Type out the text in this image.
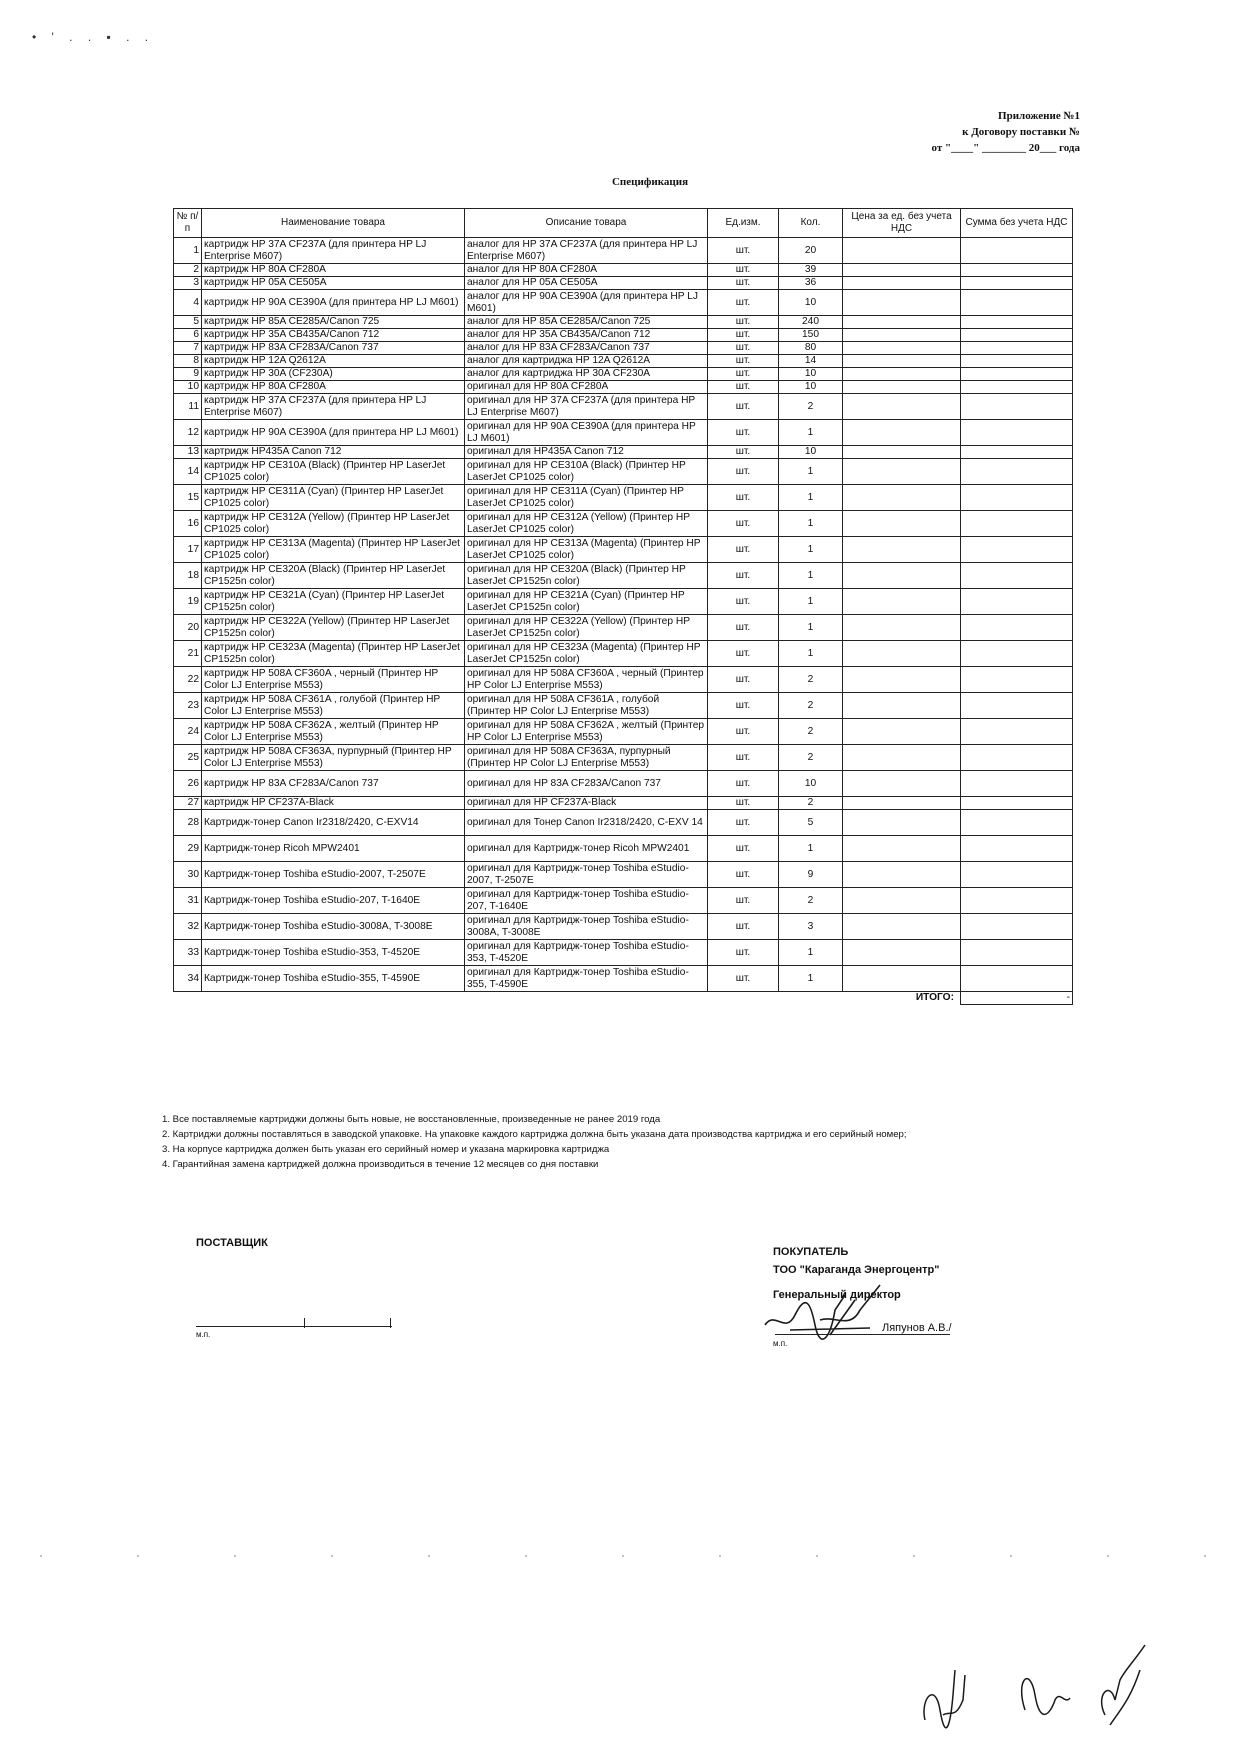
• ' . . ▪ . .
Приложение №1
к Договору поставки №
от "____" ________ 20___ года
Спецификация
№ п/п	Наименование товара	Описание товара	Ед.изм.	Кол.	Цена за ед. без учета НДС	Сумма без учета НДС
1	картридж HP 37A CF237A (для принтера HP LJ Enterprise M607)	аналог для HP 37A CF237A (для принтера HP LJ Enterprise M607)	шт.	20		
2	картридж HP 80A CF280A	аналог для HP 80A CF280A	шт.	39		
3	картридж HP 05A CE505A	аналог для HP 05A CE505A	шт.	36		
4	картридж HP 90A CE390A (для принтера HP LJ M601)	аналог для HP 90A CE390A (для принтера HP LJ M601)	шт.	10		
5	картридж HP 85A CE285A/Canon 725	аналог для HP 85A CE285A/Canon 725	шт.	240		
6	картридж HP 35A CB435A/Canon 712	аналог для HP 35A CB435A/Canon 712	шт.	150		
7	картридж HP 83A CF283A/Canon 737	аналог для HP 83A CF283A/Canon 737	шт.	80		
8	картридж HP 12A Q2612A	аналог для картриджа HP 12A Q2612A	шт.	14		
9	картридж HP 30A (CF230A)	аналог для картриджа HP 30A CF230A	шт.	10		
10	картридж HP 80A CF280A	оригинал для HP 80A CF280A	шт.	10		
11	картридж HP 37A CF237A (для принтера HP LJ Enterprise M607)	оригинал для HP 37A CF237A (для принтера HP LJ Enterprise M607)	шт.	2		
12	картридж HP 90A CE390A (для принтера HP LJ M601)	оригинал для HP 90A CE390A (для принтера HP LJ M601)	шт.	1		
13	картридж HP435A Canon 712	оригинал для HP435A Canon 712	шт.	10		
14	картридж HP CE310A (Black) (Принтер HP LaserJet CP1025 color)	оригинал для HP CE310A (Black) (Принтер HP LaserJet CP1025 color)	шт.	1		
15	картридж HP CE311A (Cyan) (Принтер HP LaserJet CP1025 color)	оригинал для HP CE311A (Cyan) (Принтер HP LaserJet CP1025 color)	шт.	1		
16	картридж HP CE312A (Yellow) (Принтер HP LaserJet CP1025 color)	оригинал для HP CE312A (Yellow) (Принтер HP LaserJet CP1025 color)	шт.	1		
17	картридж HP CE313A (Magenta) (Принтер HP LaserJet CP1025 color)	оригинал для HP CE313A (Magenta) (Принтер HP LaserJet CP1025 color)	шт.	1		
18	картридж HP CE320A (Black) (Принтер HP LaserJet CP1525n color)	оригинал для HP CE320A (Black) (Принтер HP LaserJet CP1525n color)	шт.	1		
19	картридж HP CE321A (Cyan) (Принтер HP LaserJet CP1525n color)	оригинал для HP CE321A (Cyan) (Принтер HP LaserJet CP1525n color)	шт.	1		
20	картридж HP CE322A (Yellow) (Принтер HP LaserJet CP1525n color)	оригинал для HP CE322A (Yellow) (Принтер HP LaserJet CP1525n color)	шт.	1		
21	картридж HP CE323A (Magenta) (Принтер HP LaserJet CP1525n color)	оригинал для HP CE323A (Magenta) (Принтер HP LaserJet CP1525n color)	шт.	1		
22	картридж HP 508A CF360A , черный (Принтер HP Color LJ Enterprise M553)	оригинал для HP 508A CF360A , черный (Принтер HP Color LJ Enterprise M553)	шт.	2		
23	картридж HP 508A CF361A , голубой (Принтер HP Color LJ Enterprise M553)	оригинал для HP 508A CF361A , голубой (Принтер HP Color LJ Enterprise M553)	шт.	2		
24	картридж HP 508A CF362A , желтый (Принтер HP Color LJ Enterprise M553)	оригинал для HP 508A CF362A , желтый (Принтер HP Color LJ Enterprise M553)	шт.	2		
25	картридж HP 508A CF363A, пурпурный (Принтер HP Color LJ Enterprise M553)	оригинал для HP 508A CF363A, пурпурный (Принтер HP Color LJ Enterprise M553)	шт.	2		
26	картридж HP 83A CF283A/Canon 737	оригинал для HP 83A CF283A/Canon 737	шт.	10		
27	картридж HP CF237A-Black	оригинал для HP CF237A-Black	шт.	2		
28	Картридж-тонер Canon Ir2318/2420, C-EXV14	оригинал для Тонер Canon Ir2318/2420, C-EXV 14	шт.	5		
29	Картридж-тонер Ricoh MPW2401	оригинал для Картридж-тонер Ricoh MPW2401	шт.	1		
30	Картридж-тонер Toshiba eStudio-2007, T-2507E	оригинал для Картридж-тонер Toshiba eStudio-2007, T-2507E	шт.	9		
31	Картридж-тонер Toshiba eStudio-207, T-1640E	оригинал для Картридж-тонер Toshiba eStudio-207, T-1640E	шт.	2		
32	Картридж-тонер Toshiba eStudio-3008A, T-3008E	оригинал для Картридж-тонер Toshiba eStudio-3008A, T-3008E	шт.	3		
33	Картридж-тонер Toshiba eStudio-353, T-4520E	оригинал для Картридж-тонер Toshiba eStudio-353, T-4520E	шт.	1		
34	Картридж-тонер Toshiba eStudio-355, T-4590E	оригинал для Картридж-тонер Toshiba eStudio-355, T-4590E	шт.	1		
					ИТОГО:	-
1. Все поставляемые картриджи должны быть новые, не восстановленные, произведенные не ранее 2019 года
2. Картриджи должны поставляться в заводской упаковке. На упаковке каждого картриджа должна быть указана дата производства картриджа и его серийный номер;
3. На корпусе картриджа должен быть указан его серийный номер и указана маркировка картриджа
4. Гарантийная замена картриджей должна производиться в течение 12 месяцев со дня поставки
ПОСТАВЩИК
м.п.
ПОКУПАТЕЛЬ
ТОО "Караганда Энергоцентр"
Генеральный директор
Ляпунов А.В./
м.п.
